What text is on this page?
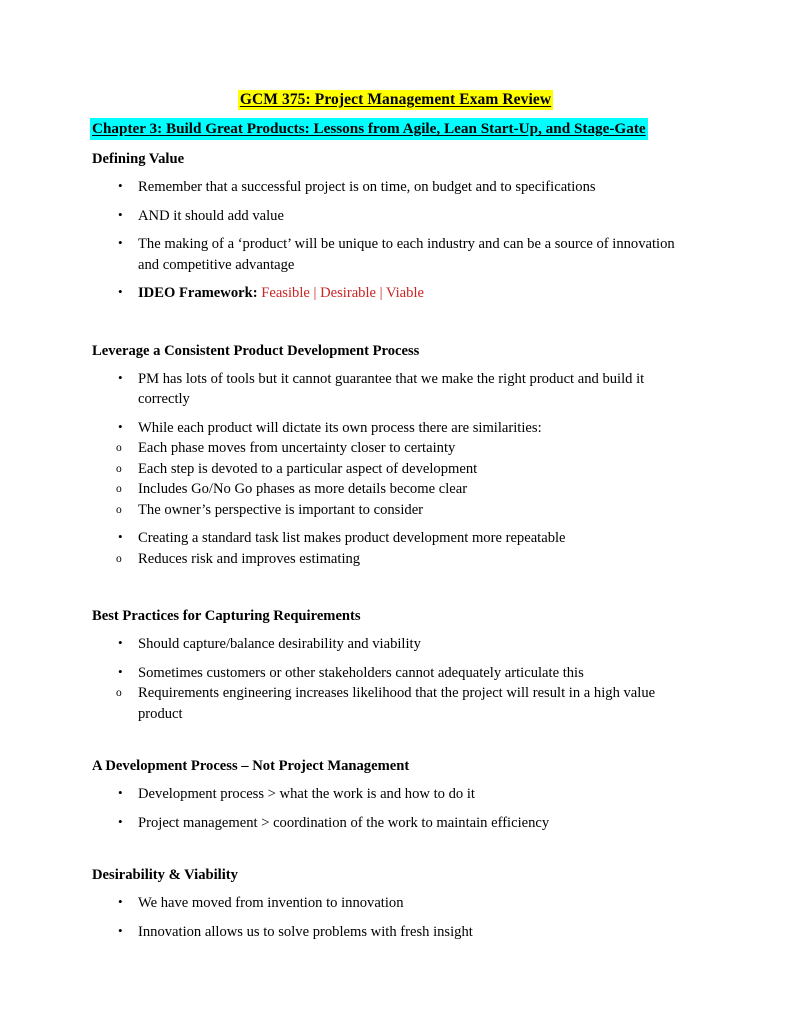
GCM 375: Project Management Exam Review
Chapter 3: Build Great Products: Lessons from Agile, Lean Start-Up, and Stage-Gate
Defining Value
• Remember that a successful project is on time, on budget and to specifications
• AND it should add value
• The making of a ‘product’ will be unique to each industry and can be a source of innovation and competitive advantage
• IDEO Framework: Feasible | Desirable | Viable
Leverage a Consistent Product Development Process
• PM has lots of tools but it cannot guarantee that we make the right product and build it correctly
• While each product will dictate its own process there are similarities:
o Each phase moves from uncertainty closer to certainty
o Each step is devoted to a particular aspect of development
o Includes Go/No Go phases as more details become clear
o The owner’s perspective is important to consider
• Creating a standard task list makes product development more repeatable
o Reduces risk and improves estimating
Best Practices for Capturing Requirements
• Should capture/balance desirability and viability
• Sometimes customers or other stakeholders cannot adequately articulate this
o Requirements engineering increases likelihood that the project will result in a high value product
A Development Process – Not Project Management
• Development process > what the work is and how to do it
• Project management > coordination of the work to maintain efficiency
Desirability & Viability
• We have moved from invention to innovation
• Innovation allows us to solve problems with fresh insight
